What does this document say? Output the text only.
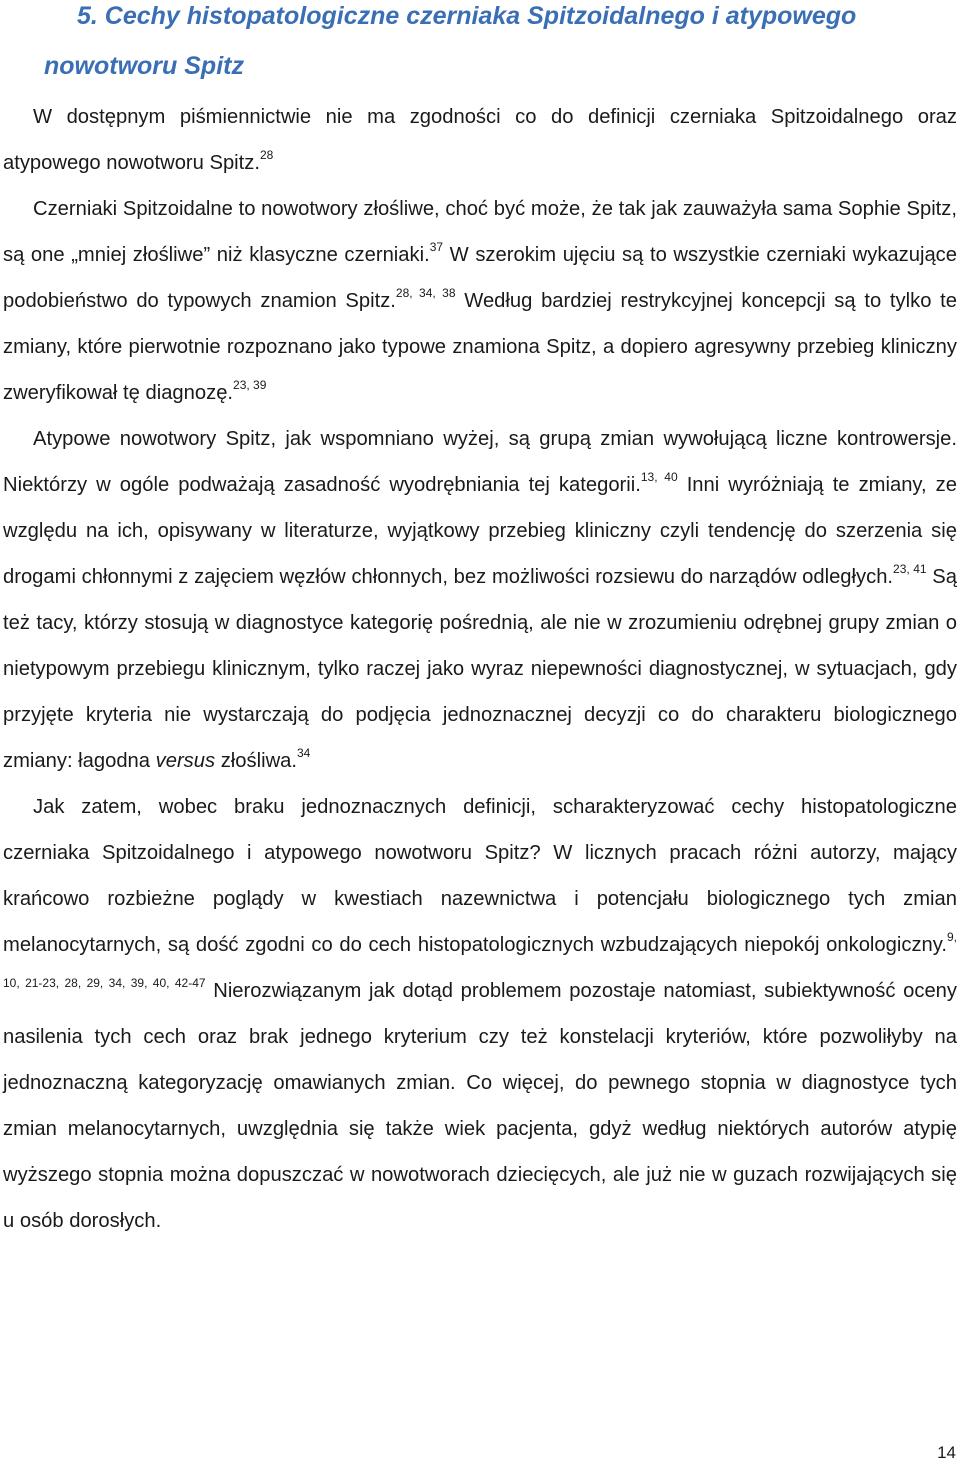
5. Cechy histopatologiczne czerniaka Spitzoidalnego i atypowego
nowotworu Spitz

W dostępnym piśmiennictwie nie ma zgodności co do definicji czerniaka Spitzoidalnego oraz atypowego nowotworu Spitz.$^{28}$

Czerniaki Spitzoidalne to nowotwory złośliwe, choć być może, że tak jak zauważyła sama Sophie Spitz, są one „mniej złośliwe” niż klasyczne czerniaki.$^{37}$ W szerokim ujęciu są to wszystkie czerniaki wykazujące podobieństwo do typowych znamion Spitz.$^{28, 34, 38}$ Według bardziej restrykcyjnej koncepcji są to tylko te zmiany, które pierwotnie rozpoznano jako typowe znamiona Spitz, a dopiero agresywny przebieg kliniczny zweryfikował tę diagnozę.$^{23, 39}$

Atypowe nowotwory Spitz, jak wspomniano wyżej, są grupą zmian wywołującą liczne kontrowersje. Niektórzy w ogóle podważają zasadność wyodrębniania tej kategorii.$^{13, 40}$ Inni wyróżniają te zmiany, ze względu na ich, opisywany w literaturze, wyjątkowy przebieg kliniczny czyli tendencję do szerzenia się drogami chłonnymi z zajęciem węzłów chłonnych, bez możliwości rozsiewu do narządów odległych.$^{23, 41}$ Są też tacy, którzy stosują w diagnostyce kategorię pośrednią, ale nie w zrozumieniu odrębnej grupy zmian o nietypowym przebiegu klinicznym, tylko raczej jako wyraz niepewności diagnostycznej, w sytuacjach, gdy przyjęte kryteria nie wystarczają do podjęcia jednoznacznej decyzji co do charakteru biologicznego zmiany: łagodna versus złośliwa.$^{34}$

Jak zatem, wobec braku jednoznacznych definicji, scharakteryzować cechy histopatologiczne czerniaka Spitzoidalnego i atypowego nowotworu Spitz? W licznych pracach różni autorzy, mający krańcowo rozbieżne poglądy w kwestiach nazewnictwa i potencjału biologicznego tych zmian melanocytarnych, są dość zgodni co do cech histopatologicznych wzbudzających niepokój onkologiczny.$^{9, 10, 21-23, 28, 29, 34, 39, 40, 42-47}$ Nierozwiązanym jak dotąd problemem pozostaje natomiast, subiektywność oceny nasilenia tych cech oraz brak jednego kryterium czy też konstelacji kryteriów, które pozwoliłyby na jednoznaczną kategoryzację omawianych zmian. Co więcej, do pewnego stopnia w diagnostyce tych zmian melanocytarnych, uwzględnia się także wiek pacjenta, gdyż według niektórych autorów atypię wyższego stopnia można dopuszczać w nowotworach dziecięcych, ale już nie w guzach rozwijających się u osób dorosłych.

14
